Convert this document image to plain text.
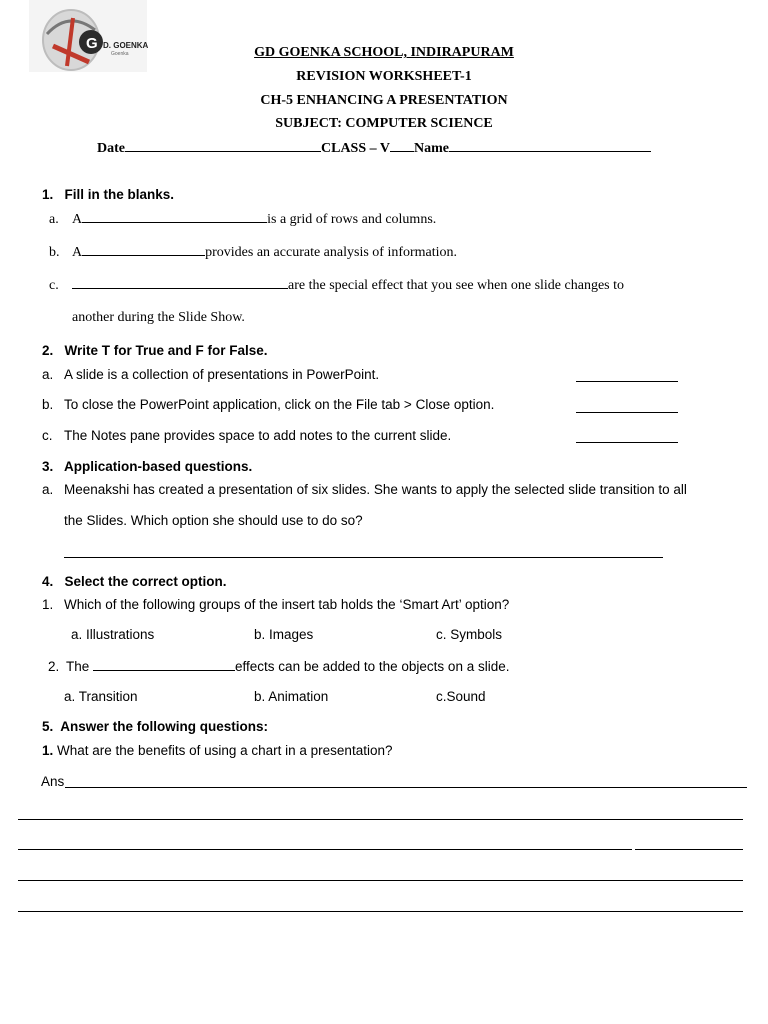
G D. GOENKA
Goenka	GD GOENKA SCHOOL, INDIRAPURAM
REVISION WORKSHEET-1
CH-5 ENHANCING A PRESENTATION
SUBJECT: COMPUTER SCIENCE
Date	CLASS – V Name
1.   Fill in the blanks.
a. A	is a grid of rows and columns.
b. A	provides an accurate analysis of information.
c.	are the special effect that you see when one slide changes to
another during the Slide Show.
2.   Write T for True and F for False.
a. A slide is a collection of presentations in PowerPoint.
b. To close the PowerPoint application, click on the File tab > Close option.
c. The Notes pane provides space to add notes to the current slide.
3.   Application-based questions.
a. Meenakshi has created a presentation of six slides. She wants to apply the selected slide transition to all
the Slides. Which option she should use to do so?
4.   Select the correct option.
1. Which of the following groups of the insert tab holds the ‘Smart Art’ option?
a. Illustrations	b. Images	c. Symbols
2. The	effects can be added to the objects on a slide.
a. Transition	b. Animation	c.Sound
5.  Answer the following questions:
1. What are the benefits of using a chart in a presentation?
Ans
